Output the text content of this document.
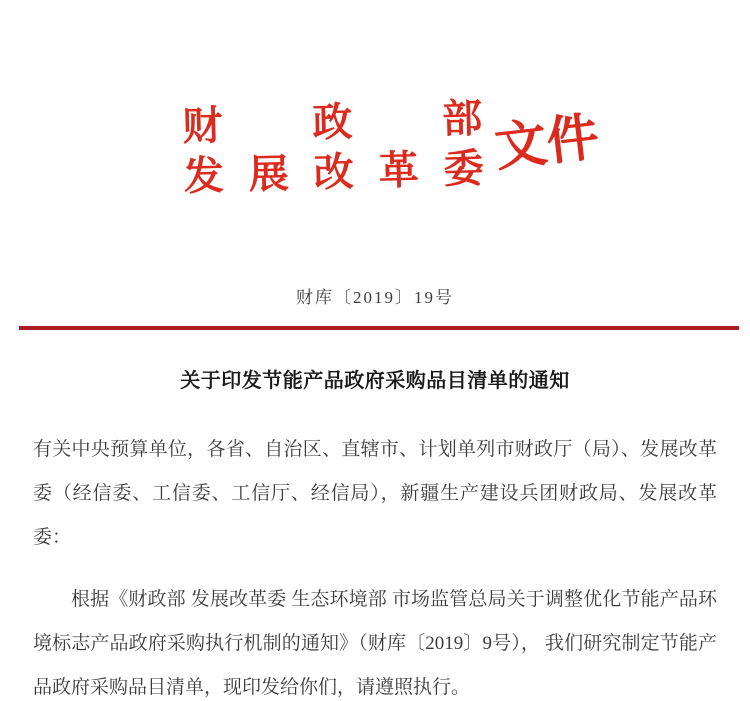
财 政 部
发 展 改 革 委 文件
财库〔2019〕19号
关于印发节能产品政府采购品目清单的通知

有关中央预算单位，各省、自治区、直辖市、计划单列市财政厅（局）、发展改革委（经信委、工信委、工信厅、经信局），新疆生产建设兵团财政局、发展改革委：

根据《财政部 发展改革委 生态环境部 市场监管总局关于调整优化节能产品环境标志产品政府采购执行机制的通知》（财库〔2019〕9号）， 我们研究制定节能产品政府采购品目清单，现印发给你们，请遵照执行。
